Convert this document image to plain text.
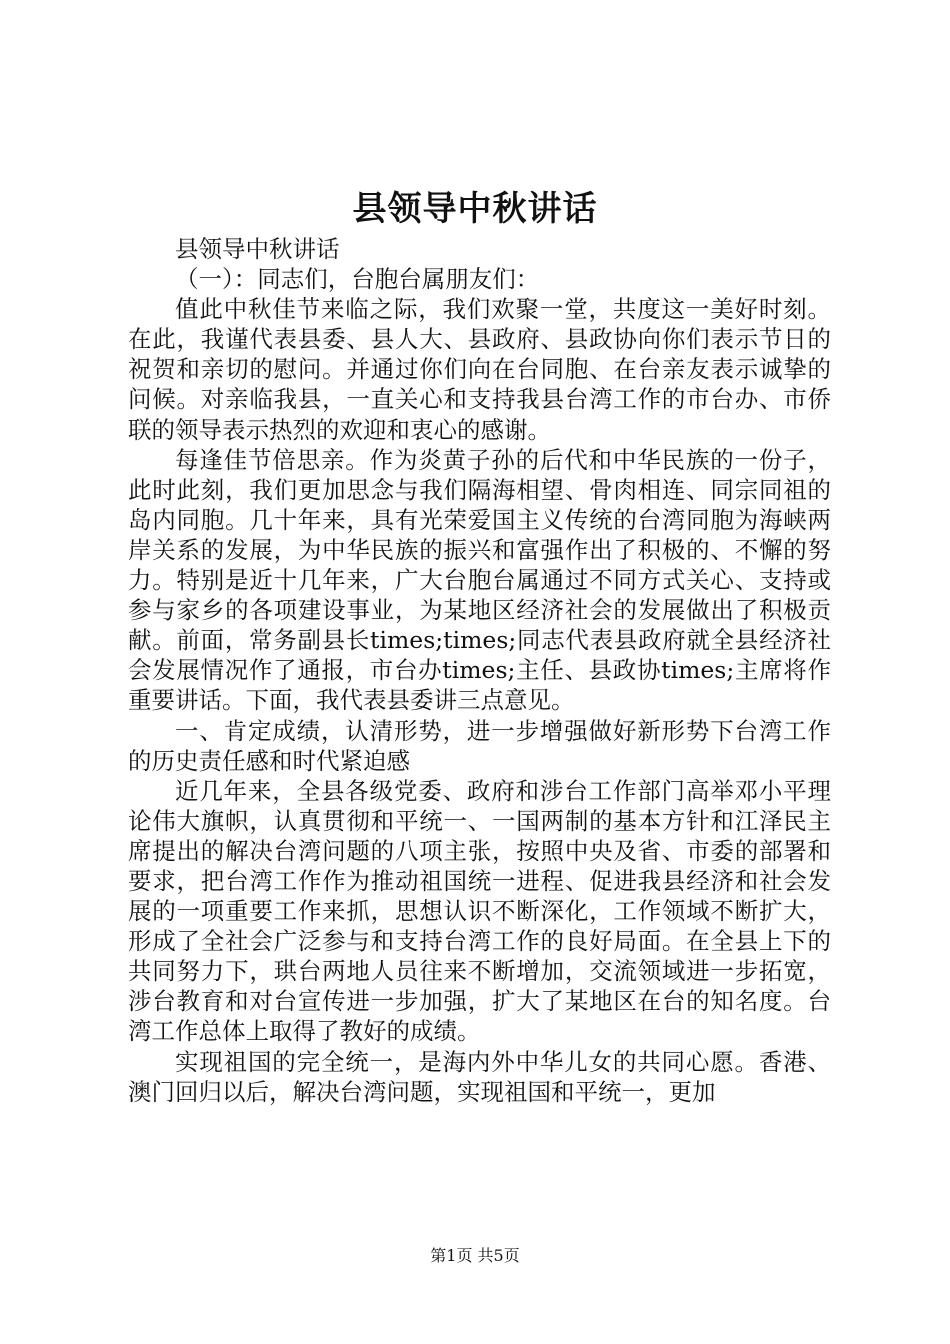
县领导中秋讲话

县领导中秋讲话

（一）：同志们，台胞台属朋友们：

值此中秋佳节来临之际，我们欢聚一堂，共度这一美好时刻。在此，我谨代表县委、县人大、县政府、县政协向你们表示节日的祝贺和亲切的慰问。并通过你们向在台同胞、在台亲友表示诚挚的问候。对亲临我县，一直关心和支持我县台湾工作的市台办、市侨联的领导表示热烈的欢迎和衷心的感谢。

每逢佳节倍思亲。作为炎黄子孙的后代和中华民族的一份子，此时此刻，我们更加思念与我们隔海相望、骨肉相连、同宗同祖的岛内同胞。几十年来，具有光荣爱国主义传统的台湾同胞为海峡两岸关系的发展，为中华民族的振兴和富强作出了积极的、不懈的努力。特别是近十几年来，广大台胞台属通过不同方式关心、支持或参与家乡的各项建设事业，为某地区经济社会的发展做出了积极贡献。前面，常务副县长times;times;同志代表县政府就全县经济社会发展情况作了通报，市台办times;主任、县政协times;主席将作重要讲话。下面，我代表县委讲三点意见。

一、肯定成绩，认清形势，进一步增强做好新形势下台湾工作的历史责任感和时代紧迫感

近几年来，全县各级党委、政府和涉台工作部门高举邓小平理论伟大旗帜，认真贯彻和平统一、一国两制的基本方针和江泽民主席提出的解决台湾问题的八项主张，按照中央及省、市委的部署和要求，把台湾工作作为推动祖国统一进程、促进我县经济和社会发展的一项重要工作来抓，思想认识不断深化，工作领域不断扩大，形成了全社会广泛参与和支持台湾工作的良好局面。在全县上下的共同努力下，珙台两地人员往来不断增加，交流领域进一步拓宽，涉台教育和对台宣传进一步加强，扩大了某地区在台的知名度。台湾工作总体上取得了教好的成绩。

实现祖国的完全统一，是海内外中华儿女的共同心愿。香港、澳门回归以后，解决台湾问题，实现祖国和平统一，更加

第1页 共5页
